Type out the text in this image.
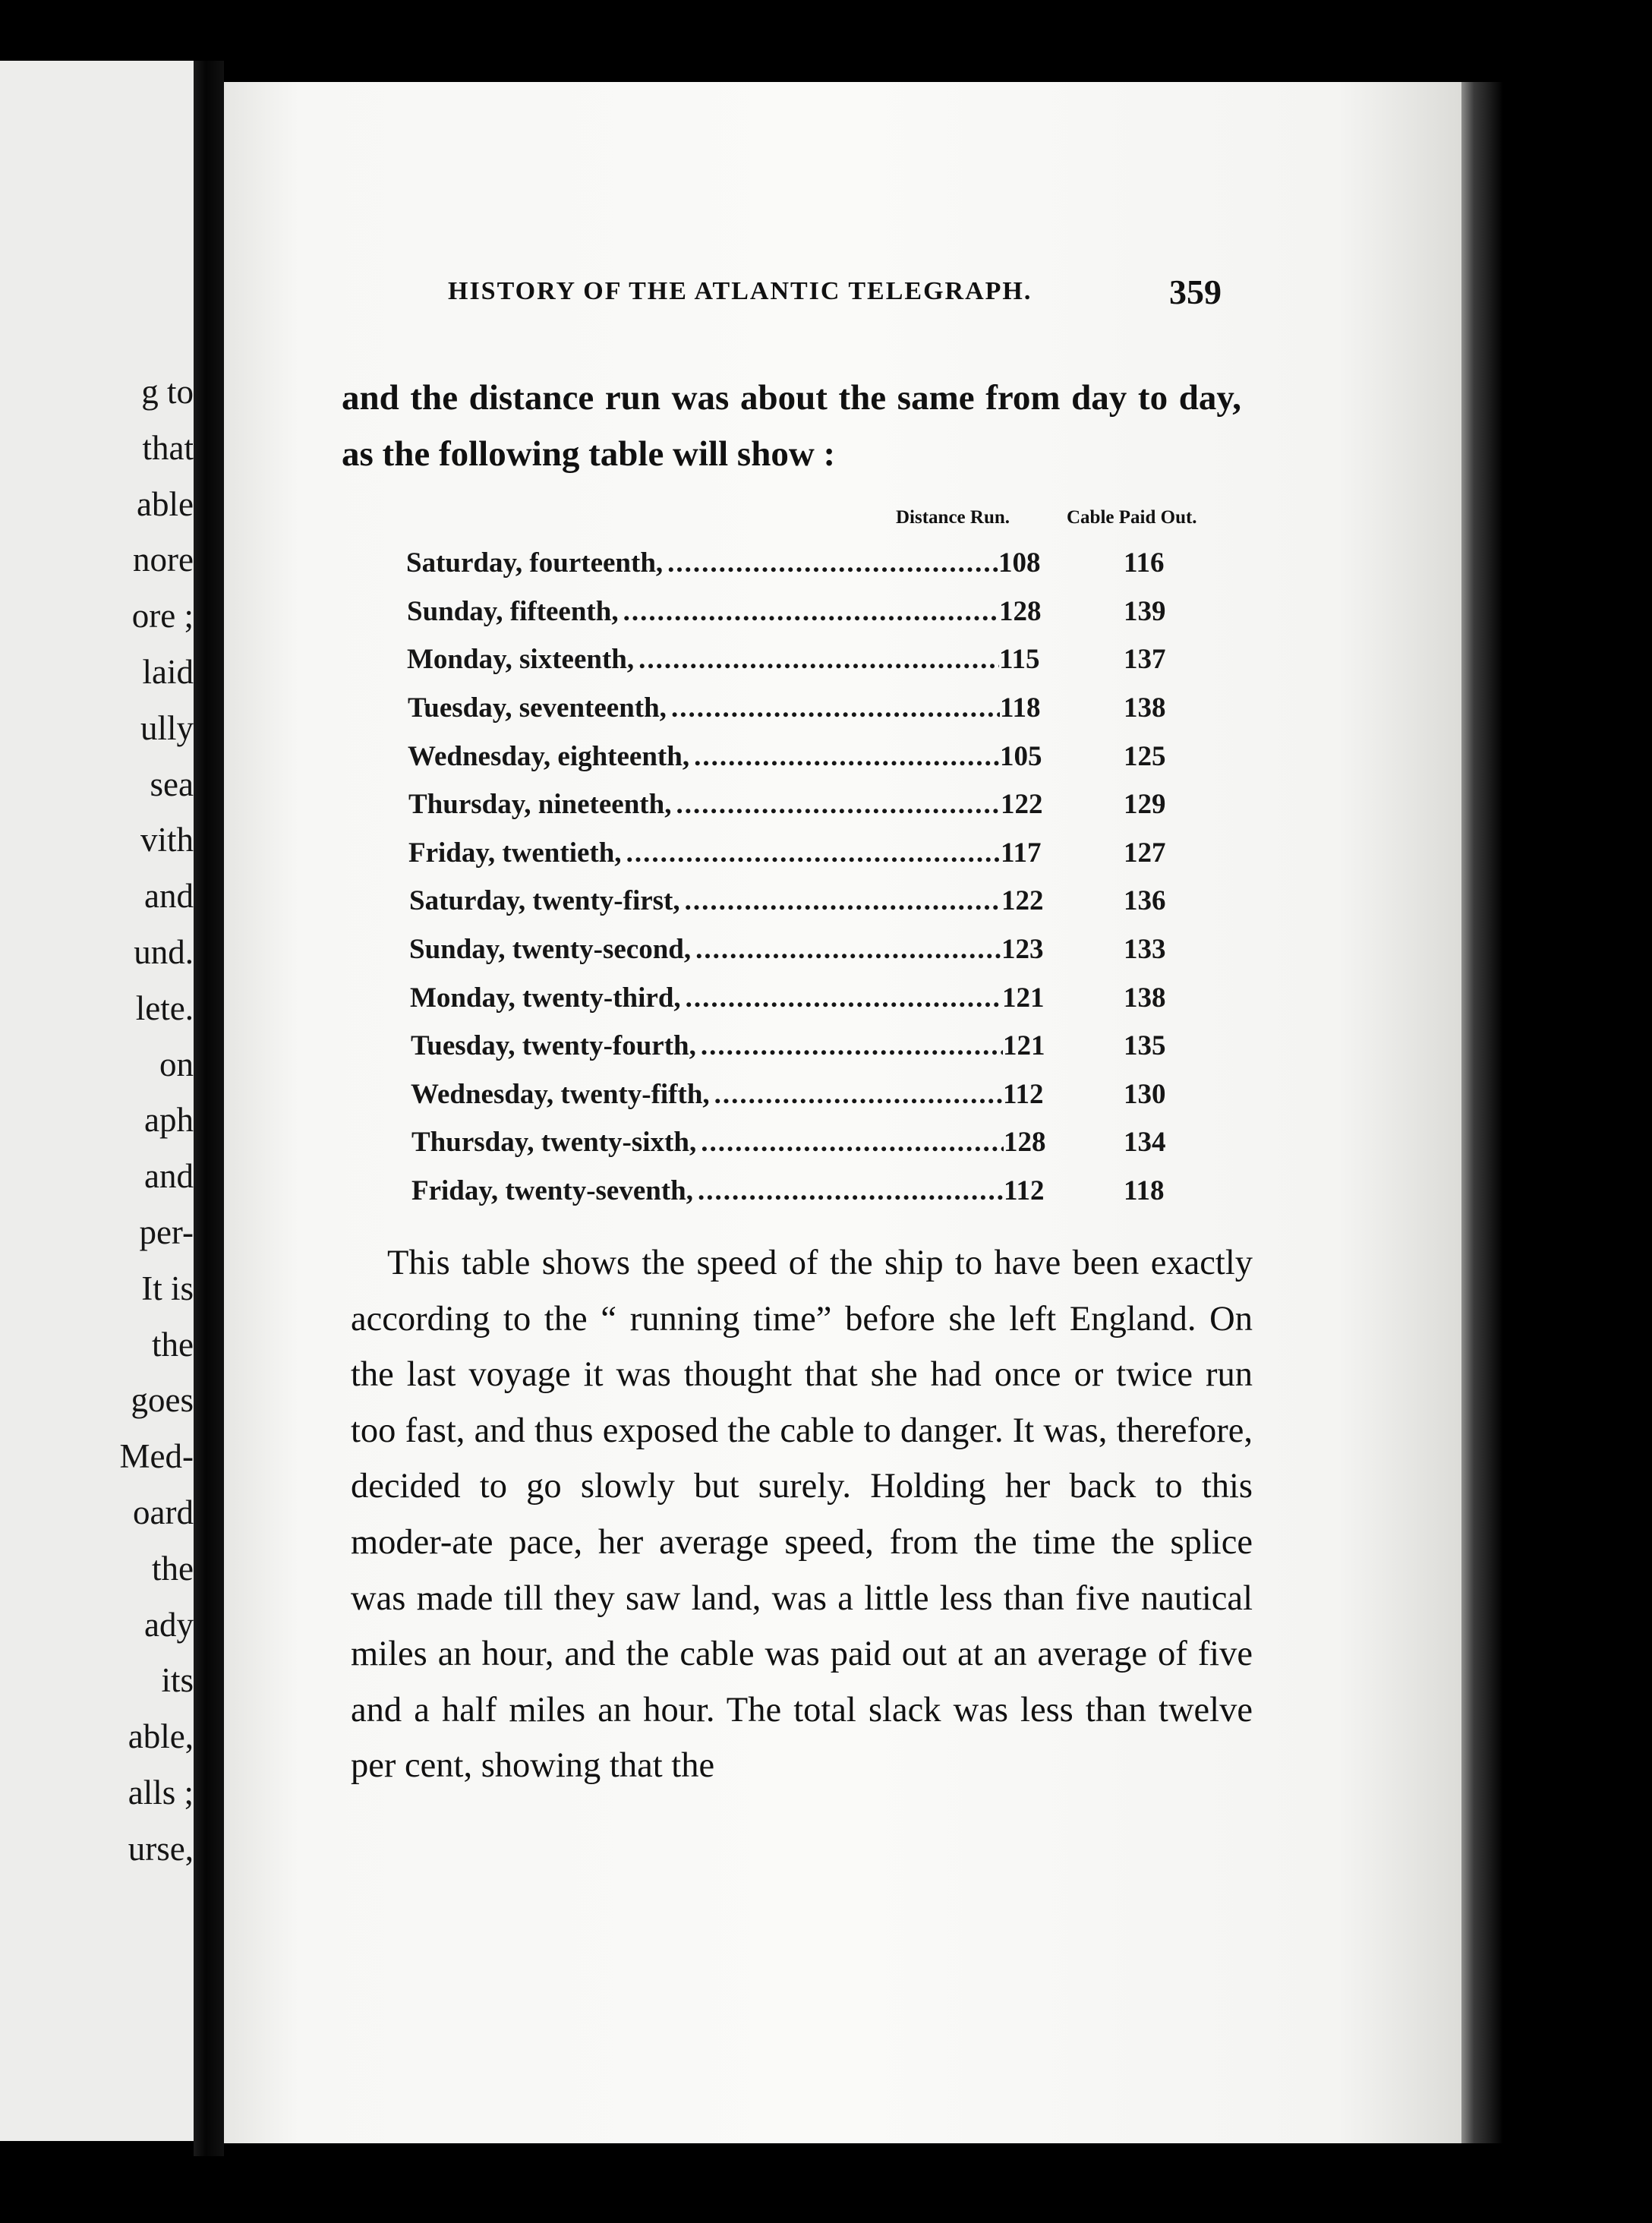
g to
that
able
nore
ore ;
laid
ully
sea
vith
and
und.
lete.
on
aph
and
per-
It is
the
goes
Med-
oard
the
ady
its
able,
alls ;
urse,
HISTORY OF THE ATLANTIC TELEGRAPH.	359

and the distance run was about the same from day to day, as the following table will show :

Distance Run.	Cable Paid Out.
Saturday, fourteenth, .....	108	116
Sunday, fifteenth, .....	128	139
Monday, sixteenth, .....	115	137
Tuesday, seventeenth, .....	118	138
Wednesday, eighteenth, .....	105	125
Thursday, nineteenth, .....	122	129
Friday, twentieth, .....	117	127
Saturday, twenty-first, .....	122	136
Sunday, twenty-second, .....	123	133
Monday, twenty-third, .....	121	138
Tuesday, twenty-fourth, .....	121	135
Wednesday, twenty-fifth, .....	112	130
Thursday, twenty-sixth, .....	128	134
Friday, twenty-seventh, .....	112	118

This table shows the speed of the ship to have been exactly according to the “ running time” before she left England. On the last voyage it was thought that she had once or twice run too fast, and thus exposed the cable to danger. It was, therefore, decided to go slowly but surely. Holding her back to this moder-ate pace, her average speed, from the time the splice was made till they saw land, was a little less than five nautical miles an hour, and the cable was paid out at an average of five and a half miles an hour. The total slack was less than twelve per cent, showing that the
